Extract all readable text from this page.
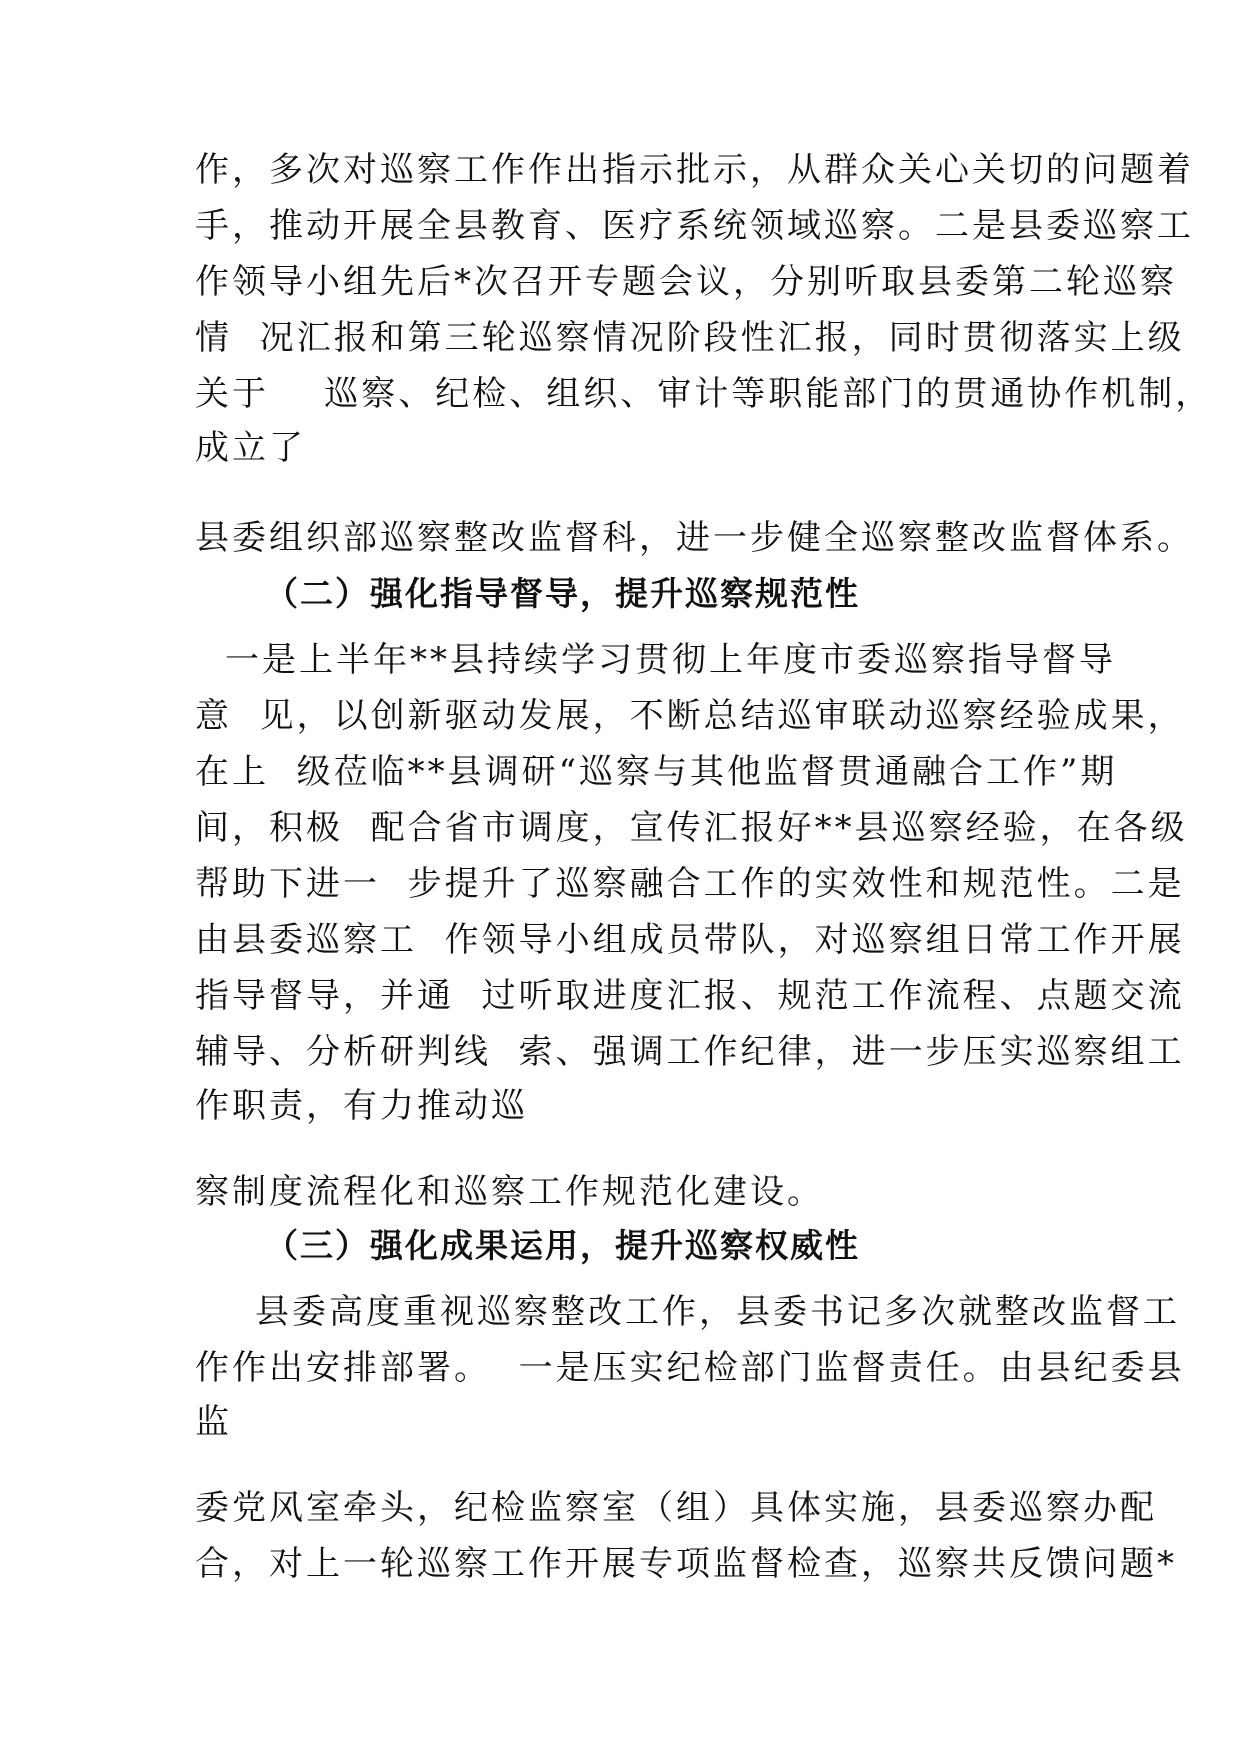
作，多次对巡察工作作出指示批示，从群众关心关切的问题着
手，推动开展全县教育、医疗系统领域巡察。二是县委巡察工
作领导小组先后*次召开专题会议，分别听取县委第二轮巡察
情  况汇报和第三轮巡察情况阶段性汇报，同时贯彻落实上级
关于    巡察、纪检、组织、审计等职能部门的贯通协作机制，
成立了
县委组织部巡察整改监督科，进一步健全巡察整改监督体系。
（二）强化指导督导，提升巡察规范性
一是上半年**县持续学习贯彻上年度市委巡察指导督导
意  见，以创新驱动发展，不断总结巡审联动巡察经验成果，
在上  级莅临**县调研“巡察与其他监督贯通融合工作”期
间，积极  配合省市调度，宣传汇报好**县巡察经验，在各级
帮助下进一  步提升了巡察融合工作的实效性和规范性。二是
由县委巡察工  作领导小组成员带队，对巡察组日常工作开展
指导督导，并通  过听取进度汇报、规范工作流程、点题交流
辅导、分析研判线  索、强调工作纪律，进一步压实巡察组工
作职责，有力推动巡
察制度流程化和巡察工作规范化建设。
（三）强化成果运用，提升巡察权威性
县委高度重视巡察整改工作，县委书记多次就整改监督工
作作出安排部署。  一是压实纪检部门监督责任。由县纪委县
监
委党风室牵头，纪检监察室（组）具体实施，县委巡察办配
合，对上一轮巡察工作开展专项监督检查，巡察共反馈问题*
